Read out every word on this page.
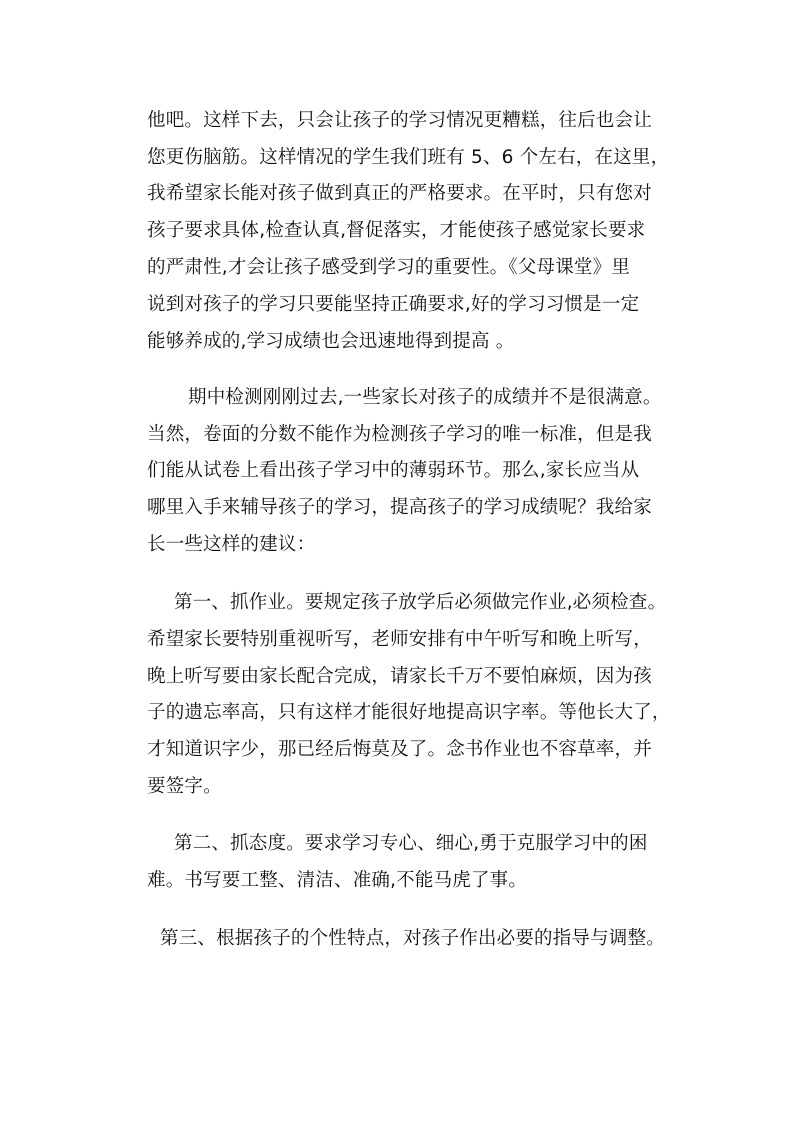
他吧。这样下去，只会让孩子的学习情况更糟糕，往后也会让
您更伤脑筋。这样情况的学生我们班有 5、6 个左右，在这里，
我希望家长能对孩子做到真正的严格要求。在平时，只有您对
孩子要求具体,检查认真,督促落实，才能使孩子感觉家长要求
的严肃性,才会让孩子感受到学习的重要性。《父母课堂》里
说到对孩子的学习只要能坚持正确要求,好的学习习惯是一定
能够养成的,学习成绩也会迅速地得到提高 。
期中检测刚刚过去,一些家长对孩子的成绩并不是很满意。
当然，卷面的分数不能作为检测孩子学习的唯一标准，但是我
们能从试卷上看出孩子学习中的薄弱环节。那么,家长应当从
哪里入手来辅导孩子的学习，提高孩子的学习成绩呢？我给家
长一些这样的建议：
第一、抓作业。要规定孩子放学后必须做完作业,必须检查。
希望家长要特别重视听写，老师安排有中午听写和晚上听写，
晚上听写要由家长配合完成，请家长千万不要怕麻烦，因为孩
子的遗忘率高，只有这样才能很好地提高识字率。等他长大了，
才知道识字少，那已经后悔莫及了。念书作业也不容草率，并
要签字。
第二、抓态度。要求学习专心、细心,勇于克服学习中的困
难。书写要工整、清洁、准确,不能马虎了事。
第三、根据孩子的个性特点，对孩子作出必要的指导与调整。
